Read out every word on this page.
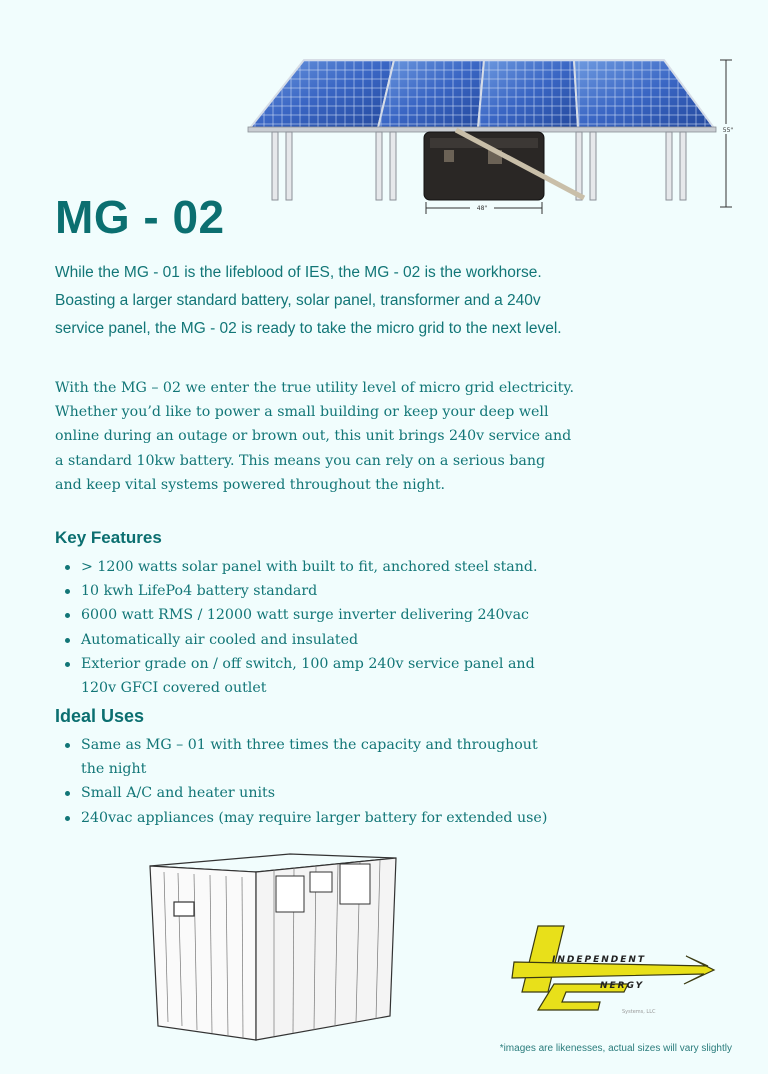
48"
55"
MG - 02
While the MG - 01 is the lifeblood of IES, the MG - 02 is the workhorse. Boasting a larger standard battery, solar panel, transformer and a 240v service panel, the MG - 02 is ready to take the micro grid to the next level.
With the MG – 02 we enter the true utility level of micro grid electricity. Whether you’d like to power a small building or keep your deep well online during an outage or brown out, this unit brings 240v service and a standard 10kw battery. This means you can rely on a serious bang and keep vital systems powered throughout the night.
Key Features
> 1200 watts solar panel with built to fit, anchored steel stand.
10 kwh LifePo4 battery standard
6000 watt RMS / 12000 watt surge inverter delivering 240vac
Automatically air cooled and insulated
Exterior grade on / off switch, 100 amp 240v service panel and 120v GFCI covered outlet
Ideal Uses
Same as MG – 01 with three times the capacity and throughout the night
Small A/C and heater units
240vac appliances (may require larger battery for extended use)
INDEPENDENT
NERGY
Systems, LLC
*images are likenesses, actual sizes will vary slightly
